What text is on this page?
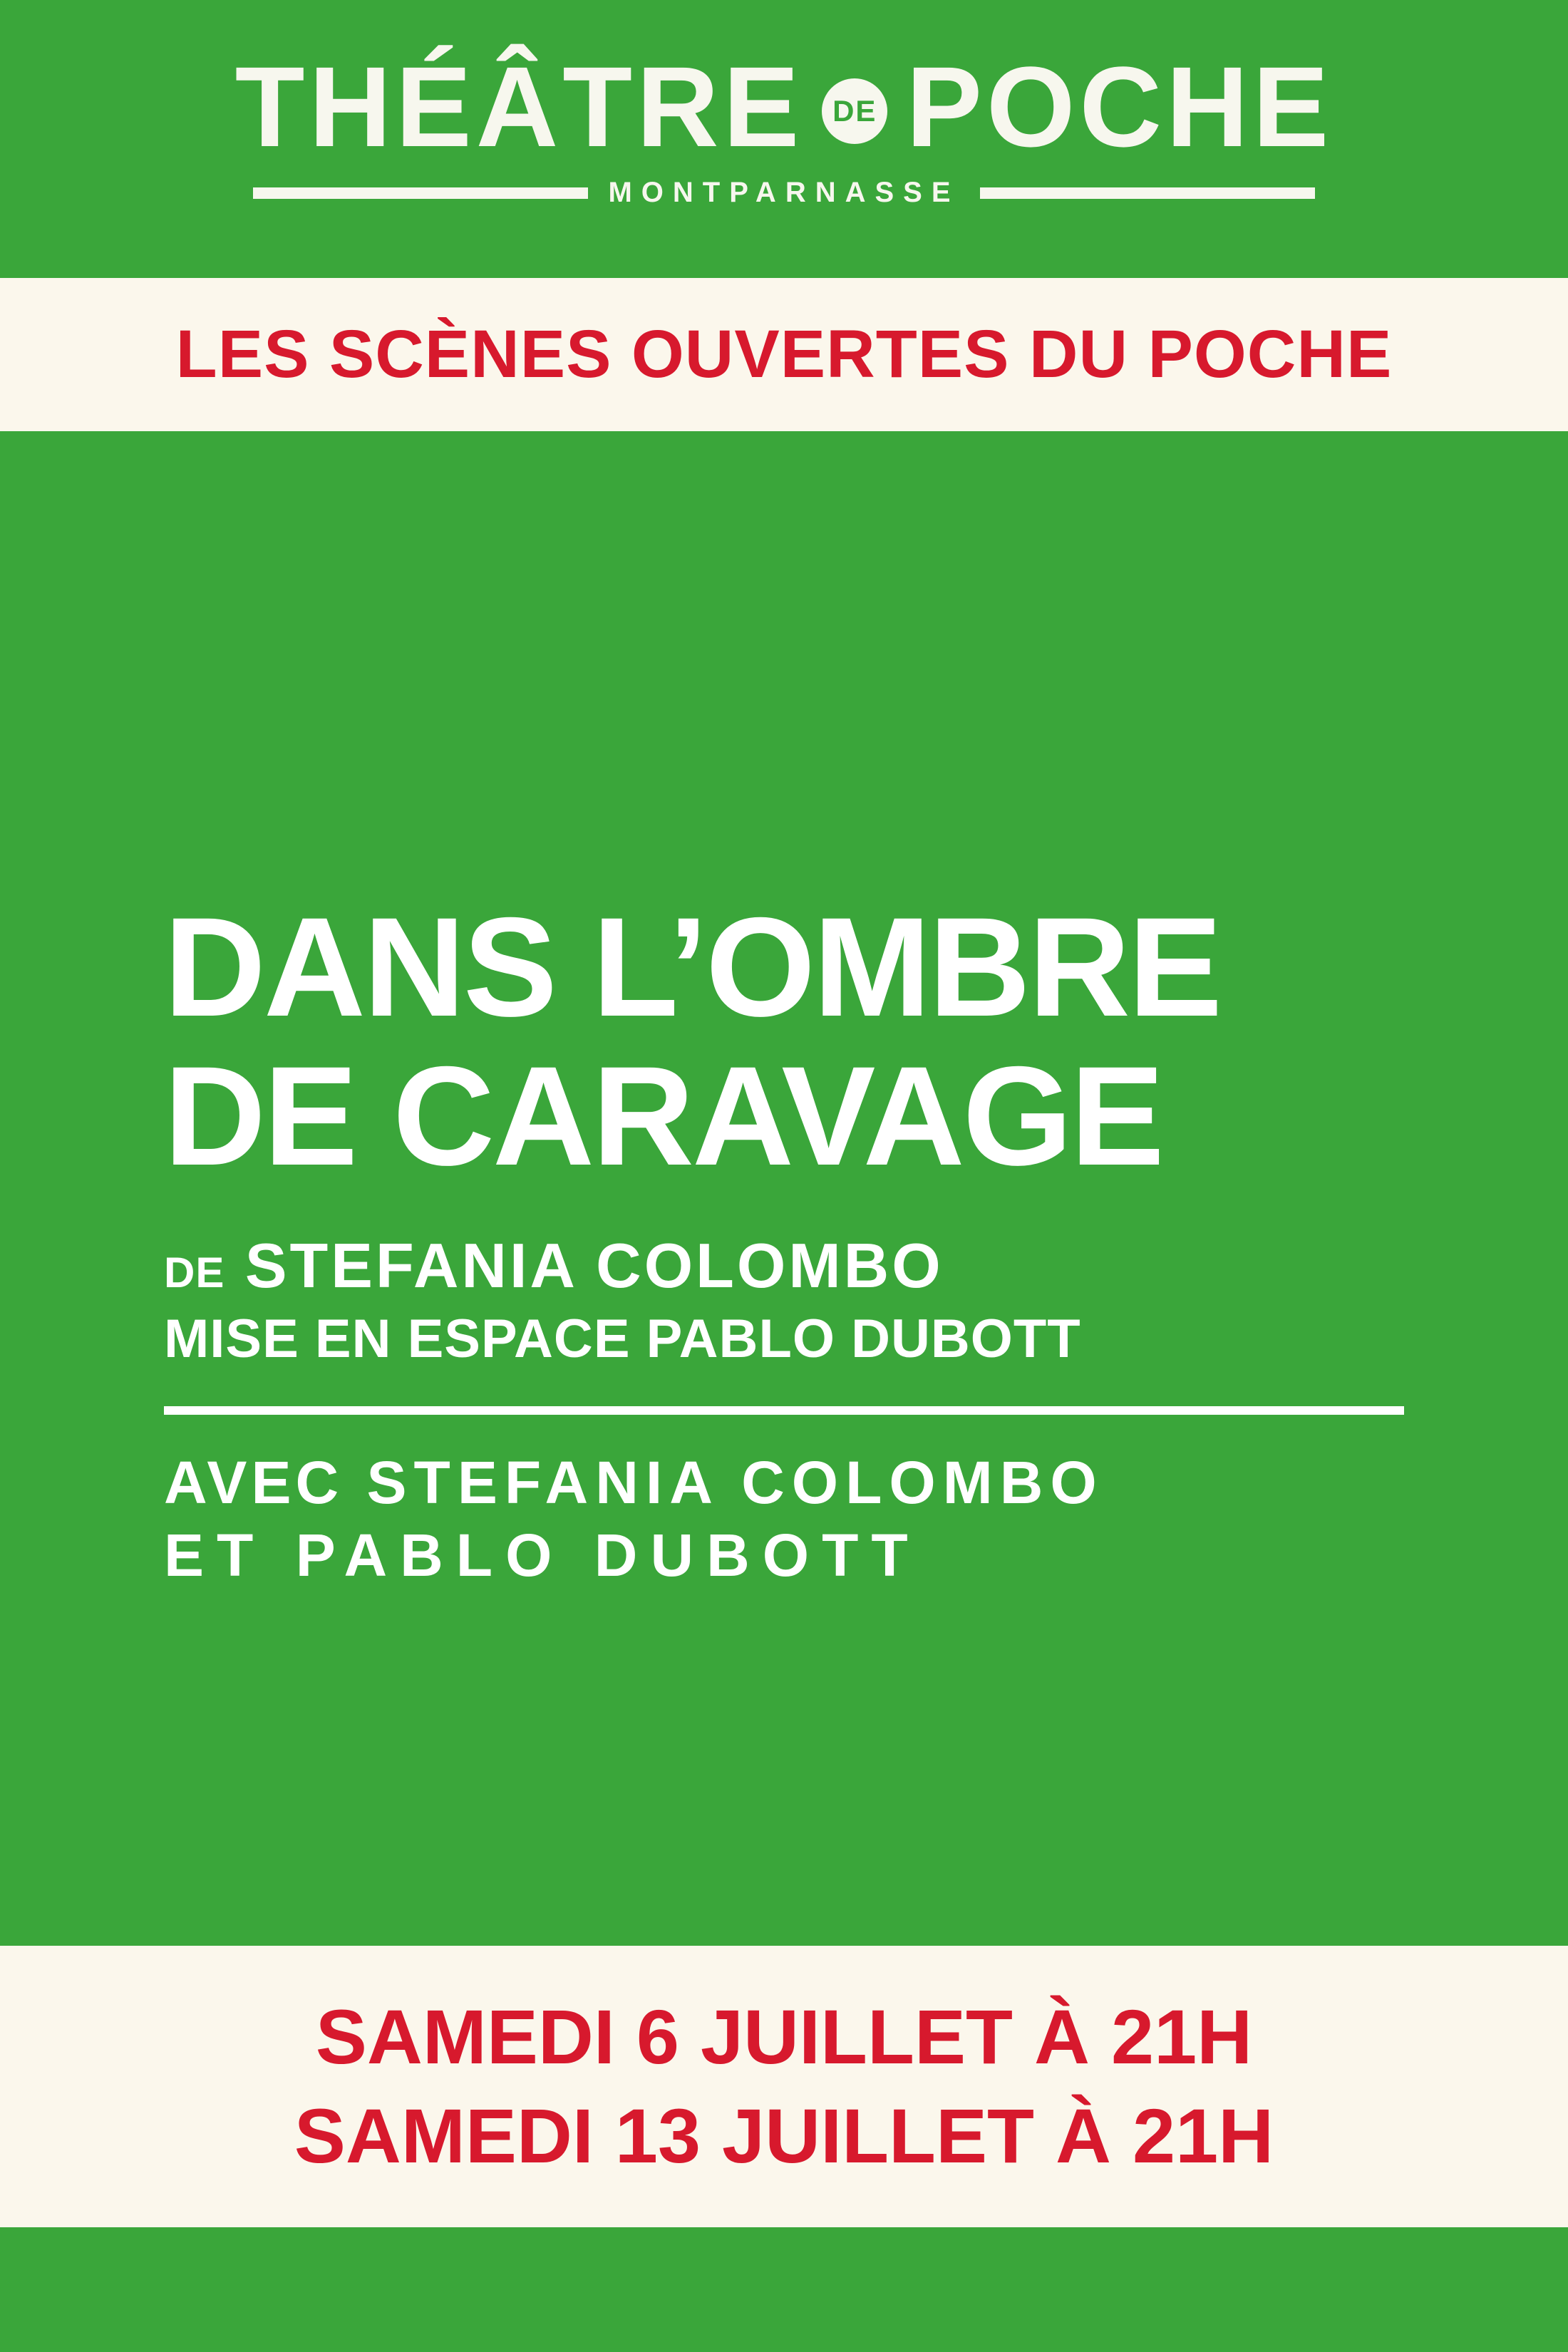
THÉÂTRE DE POCHE
MONTPARNASSE
LES SCÈNES OUVERTES DU POCHE
DANS L’OMBRE
DE CARAVAGE
DE STEFANIA COLOMBO
MISE EN ESPACE PABLO DUBOTT
AVEC STEFANIA COLOMBO
ET PABLO DUBOTT
SAMEDI 6 JUILLET À 21H
SAMEDI 13 JUILLET À 21H
